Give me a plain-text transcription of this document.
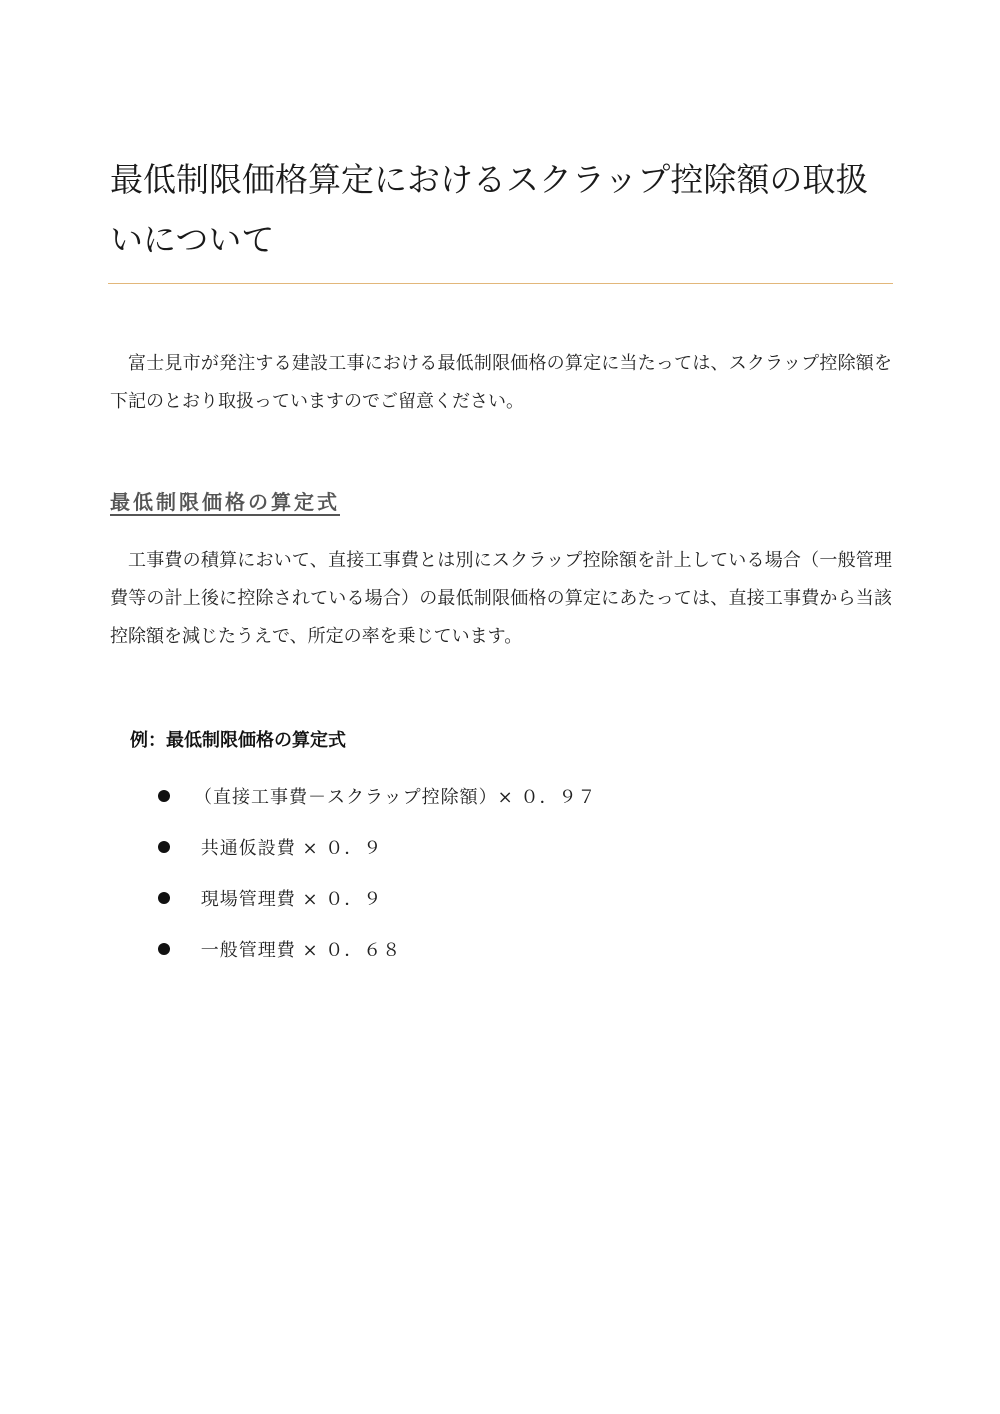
最低制限価格算定におけるスクラップ控除額の取扱いについて

富士見市が発注する建設工事における最低制限価格の算定に当たっては、スクラップ控除額を下記のとおり取扱っていますのでご留意ください。

最低制限価格の算定式

工事費の積算において、直接工事費とは別にスクラップ控除額を計上している場合（一般管理費等の計上後に控除されている場合）の最低制限価格の算定にあたっては、直接工事費から当該控除額を減じたうえで、所定の率を乗じています。

例：最低制限価格の算定式

（直接工事費－スクラップ控除額）× ０．９７
共通仮設費 × ０．９
現場管理費 × ０．９
一般管理費 × ０．６８
